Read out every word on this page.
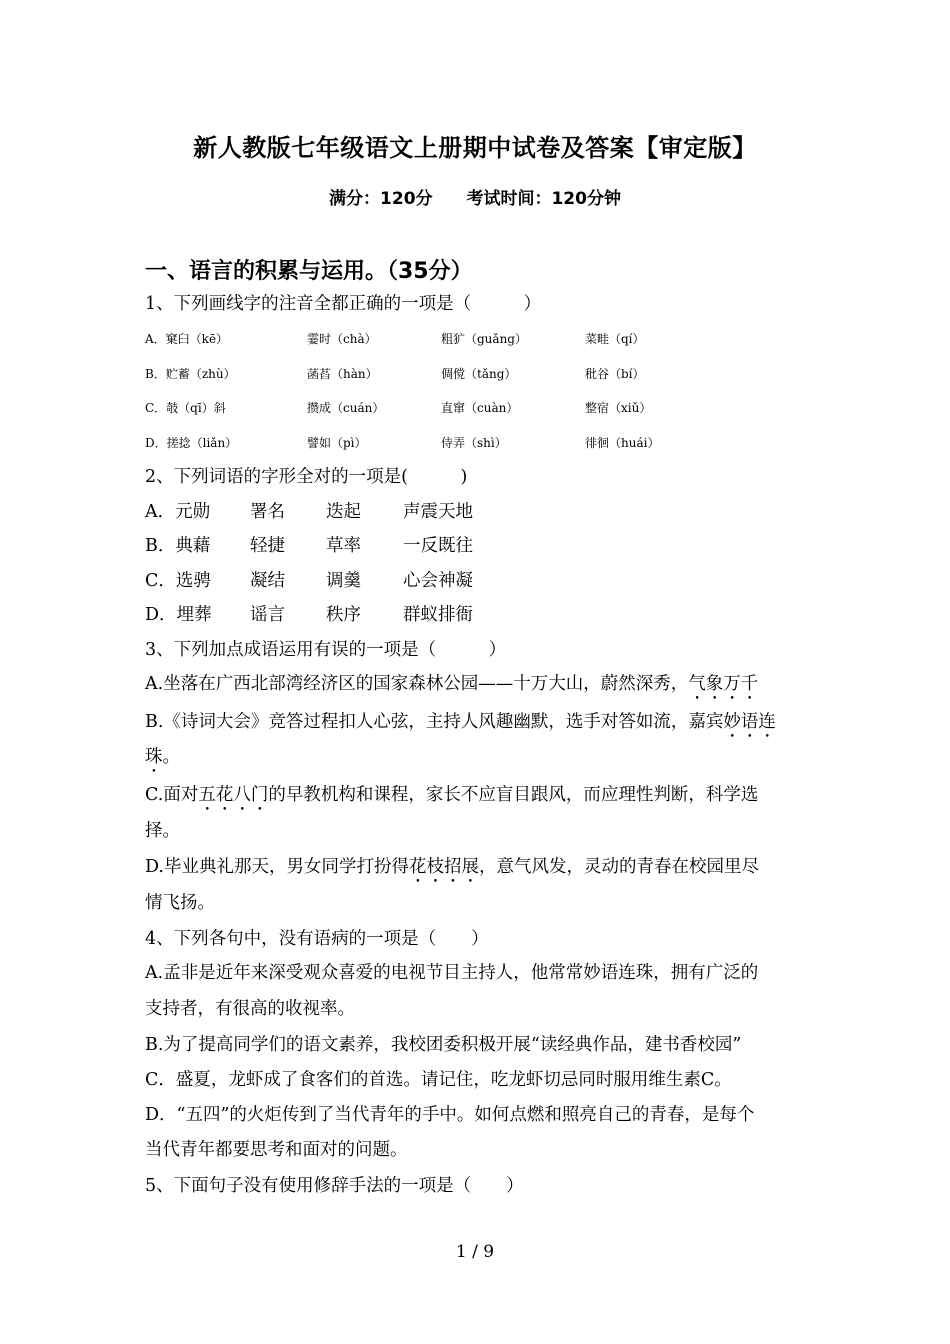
新人教版七年级语文上册期中试卷及答案【审定版】
满分：120分 考试时间：120分钟
一、语言的积累与运用。（35分）
1、下列画线字的注音全都正确的一项是（　　　）
A．窠臼（kē）	霎时（chà）	粗犷（guǎng）	菜畦（qí）
B．贮蓄（zhù）	菡萏（hàn）	倜傥（tǎng）	秕谷（bí）
C．攲（qī）斜	攒成（cuán）	直窜（cuàn）	整宿（xiǔ）
D．搓捻（liǎn）	譬如（pì）	侍弄（shì）	徘徊（huái）
2、下列词语的字形全对的一项是(　　　)
A．元勋 署名 迭起 声震天地
B．典藉 轻捷 草率 一反既往
C．选骋 凝结 调羹 心会神凝
D．埋葬 谣言 秩序 群蚁排衙
3、下列加点成语运用有误的一项是（　　　）
A.坐落在广西北部湾经济区的国家森林公园——十万大山，蔚然深秀，气象万千
B.《诗词大会》竞答过程扣人心弦，主持人风趣幽默，选手对答如流，嘉宾妙语连
珠。
C.面对五花八门的早教机构和课程，家长不应盲目跟风，而应理性判断，科学选
择。
D.毕业典礼那天，男女同学打扮得花枝招展，意气风发，灵动的青春在校园里尽
情飞扬。
4、下列各句中，没有语病的一项是（　　）
A.孟非是近年来深受观众喜爱的电视节目主持人，他常常妙语连珠，拥有广泛的
支持者，有很高的收视率。
B.为了提高同学们的语文素养，我校团委积极开展“读经典作品，建书香校园”
C．盛夏，龙虾成了食客们的首选。请记住，吃龙虾切忌同时服用维生素C。
D．“五四”的火炬传到了当代青年的手中。如何点燃和照亮自己的青春，是每个
当代青年都要思考和面对的问题。
5、下面句子没有使用修辞手法的一项是（　　）
1 / 9
